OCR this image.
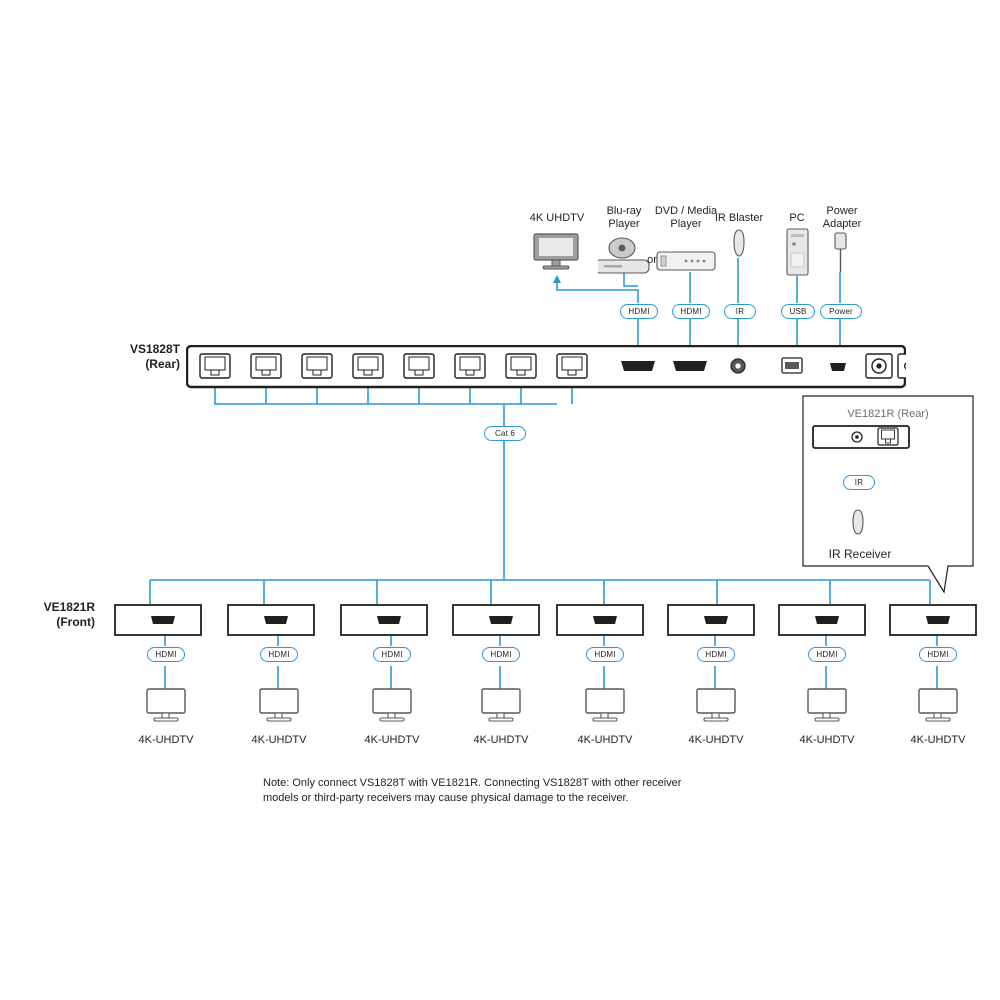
4K UHDTV
Blu-ray
Player
or
DVD / Media
Player	IR Blaster	PC
Power
Adapter
HDMI	HDMI	IR	USB	Power
VS1828T
(Rear)
Cat 6
VE1821R (Rear)
IR
IR Receiver
VE1821R
(Front)
HDMI
4K-UHDTV
HDMI
4K-UHDTV
HDMI
4K-UHDTV
HDMI
4K-UHDTV
HDMI
4K-UHDTV
HDMI
4K-UHDTV
HDMI
4K-UHDTV
HDMI
4K-UHDTV
Note: Only connect VS1828T with VE1821R. Connecting VS1828T with other receiver
models or third-party receivers may cause physical damage to the receiver.
